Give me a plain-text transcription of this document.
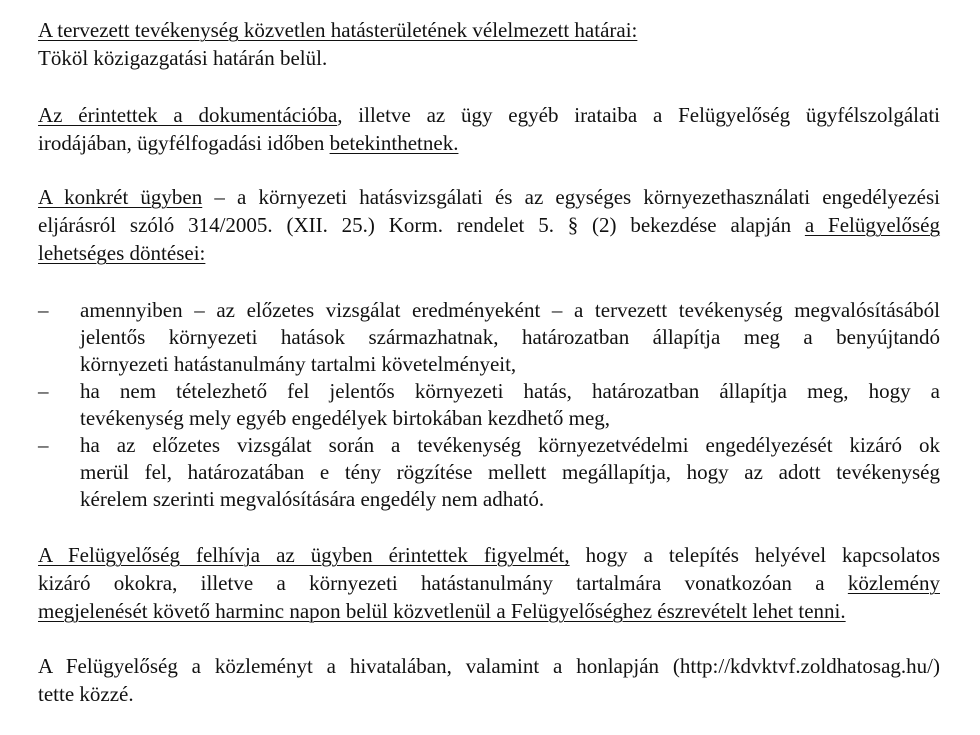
A tervezett tevékenység közvetlen hatásterületének vélelmezett határai:
Tököl közigazgatási határán belül.
Az érintettek a dokumentációba, illetve az ügy egyéb irataiba a Felügyelőség ügyfélszolgálati
irodájában, ügyfélfogadási időben betekinthetnek.
A konkrét ügyben – a környezeti hatásvizsgálati és az egységes környezethasználati engedélyezési
eljárásról szóló 314/2005. (XII. 25.) Korm. rendelet 5. § (2) bekezdése alapján a Felügyelőség
lehetséges döntései:
– amennyiben – az előzetes vizsgálat eredményeként – a tervezett tevékenység megvalósításából
jelentős környezeti hatások származhatnak, határozatban állapítja meg a benyújtandó
környezeti hatástanulmány tartalmi követelményeit,
– ha nem tételezhető fel jelentős környezeti hatás, határozatban állapítja meg, hogy a
tevékenység mely egyéb engedélyek birtokában kezdhető meg,
– ha az előzetes vizsgálat során a tevékenység környezetvédelmi engedélyezését kizáró ok
merül fel, határozatában e tény rögzítése mellett megállapítja, hogy az adott tevékenység
kérelem szerinti megvalósítására engedély nem adható.
A Felügyelőség felhívja az ügyben érintettek figyelmét, hogy a telepítés helyével kapcsolatos
kizáró okokra, illetve a környezeti hatástanulmány tartalmára vonatkozóan a közlemény
megjelenését követő harminc napon belül közvetlenül a Felügyelőséghez észrevételt lehet tenni.
A Felügyelőség a közleményt a hivatalában, valamint a honlapján (http://kdvktvf.zoldhatosag.hu/)
tette közzé.
